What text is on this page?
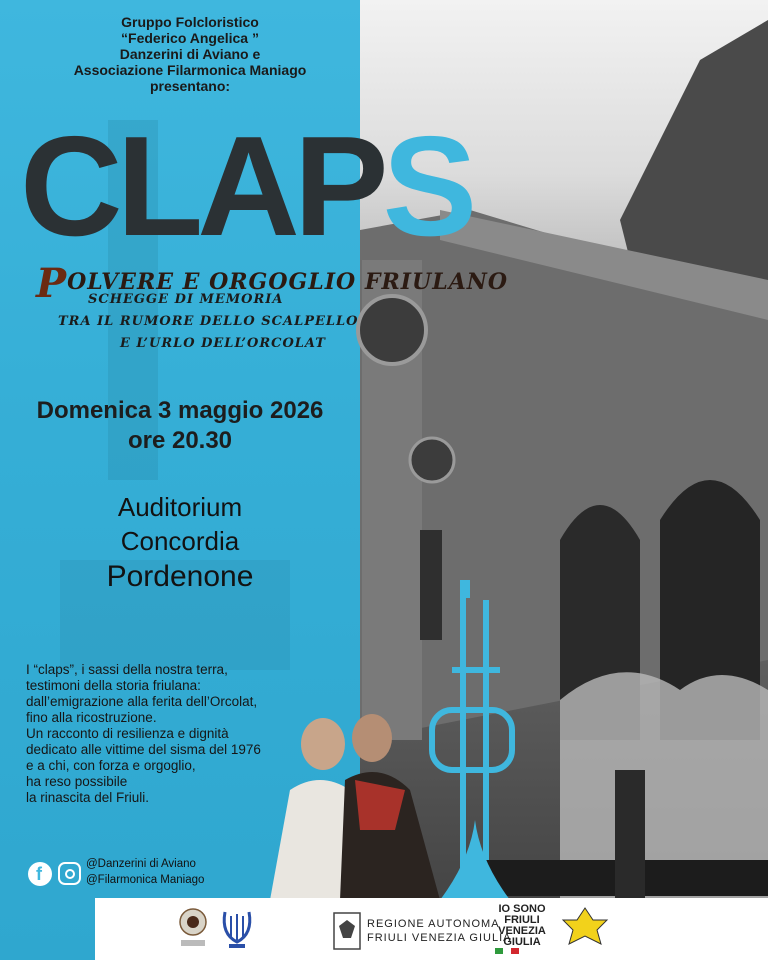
Gruppo Folcloristico
“Federico Angelica ”
Danzerini di Aviano e
Associazione Filarmonica Maniago
presentano:
CLAPS
POLVERE E ORGOGLIO FRIULANO
SCHEGGE DI MEMORIA
TRA IL RUMORE DELLO SCALPELLO
E L’URLO DELL’ORCOLAT
Domenica 3 maggio 2026
ore 20.30
Auditorium
Concordia
Pordenone
I “claps”, i sassi della nostra terra,
testimoni della storia friulana:
dall’emigrazione alla ferita dell’Orcolat,
fino alla ricostruzione.
Un racconto di resilienza e dignità
dedicato alle vittime del sisma del 1976
e a chi, con forza e orgoglio,
ha reso possibile
la rinascita del Friuli.
f	@Danzerini di Aviano
@Filarmonica Maniago
REGIONE AUTONOMA
FRIULI VENEZIA GIULIA
IO SONO
FRIULI
VENEZIA
GIULIA
